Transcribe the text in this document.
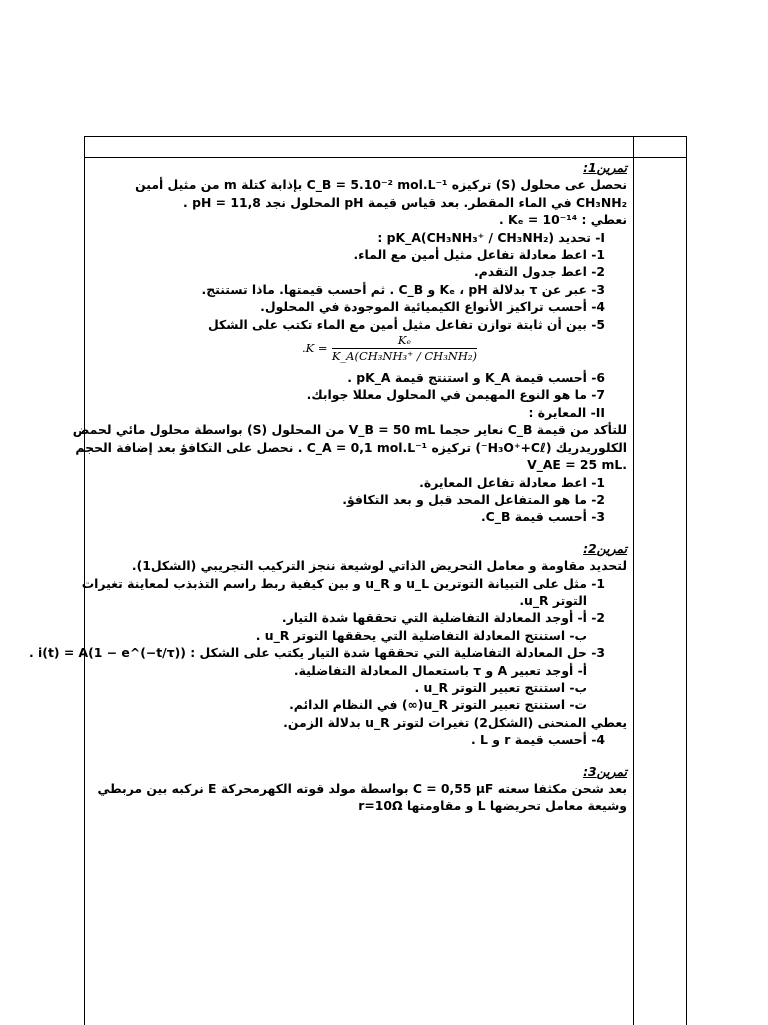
تمرين1:
نحصل عى محلول (S) تركيزه C_B = 5.10⁻² mol.L⁻¹ بإذابة كتلة m من مثيل أمين
CH₃NH₂ في الماء المقطر. بعد قياس قيمة pH المحلول نجد pH = 11,8 .
نعطي : Kₑ = 10⁻¹⁴ .
I- تحديد pK_A(CH₃NH₃⁺ / CH₃NH₂) :
1- اعط معادلة تفاعل مثيل أمين مع الماء.
2- اعط جدول التقدم.
3- عبر عن τ بدلالة Kₑ ، pH و C_B . ثم أحسب قيمتها. ماذا تستنتج.
4- أحسب تراكيز الأنواع الكيميائية الموجودة في المحلول.
5- بين أن ثابتة توازن تفاعل مثيل أمين مع الماء تكتب على الشكل
$.K = \frac{\text{Kₑ}}{\text{K\_A(CH₃NH₃⁺ / CH₃NH₂)}}$
6- أحسب قيمة K_A و استنتج قيمة pK_A .
7- ما هو النوع المهيمن في المحلول معللا جوابك.
II- المعايرة :
للتأكد من قيمة C_B نعاير حجما V_B = 50 mL من المحلول (S) بواسطة محلول مائي لحمض
الكلوريدريك (H₃O⁺+Cℓ⁻) تركيزه C_A = 0,1 mol.L⁻¹ . نحصل على التكافؤ بعد إضافة الحجم
.V_AE = 25 mL
1- اعط معادلة تفاعل المعايرة.
2- ما هو المتفاعل المحد قبل و بعد التكافؤ.
3- أحسب قيمة C_B.
تمرين2:
لتحديد مقاومة و معامل التحريض الذاتي لوشيعة ننجز التركيب التجريبي (الشكل1).
1- مثل على التبيانة التوترين u_L و u_R و بين كيفية ربط راسم التذبذب لمعاينة تغيرات
التوتر u_R.
2- أ- أوجد المعادلة التفاضلية التي تحققها شدة التيار.
ب- استنتج المعادلة التفاضلية التي يحققها التوتر u_R .
3- حل المعادلة التفاضلية التي تحققها شدة التيار يكتب على الشكل : i(t) = A(1 − e^(−t/τ)) .
أ- أوجد تعبير A و τ باستعمال المعادلة التفاضلية.
ب- استنتج تعبير التوتر u_R .
ت- استنتج تعبير التوتر u_R(∞) في النظام الدائم.
يعطي المنحنى (الشكل2) تغيرات لتوتر u_R بدلالة الزمن.
4- أحسب قيمة r و L .
تمرين3:
بعد شحن مكثفا سعته C = 0,55 μF بواسطة مولد قوته الكهرمحركة E نركبه بين مربطي
وشيعة معامل تحريضها L و مقاومتها r=10Ω
